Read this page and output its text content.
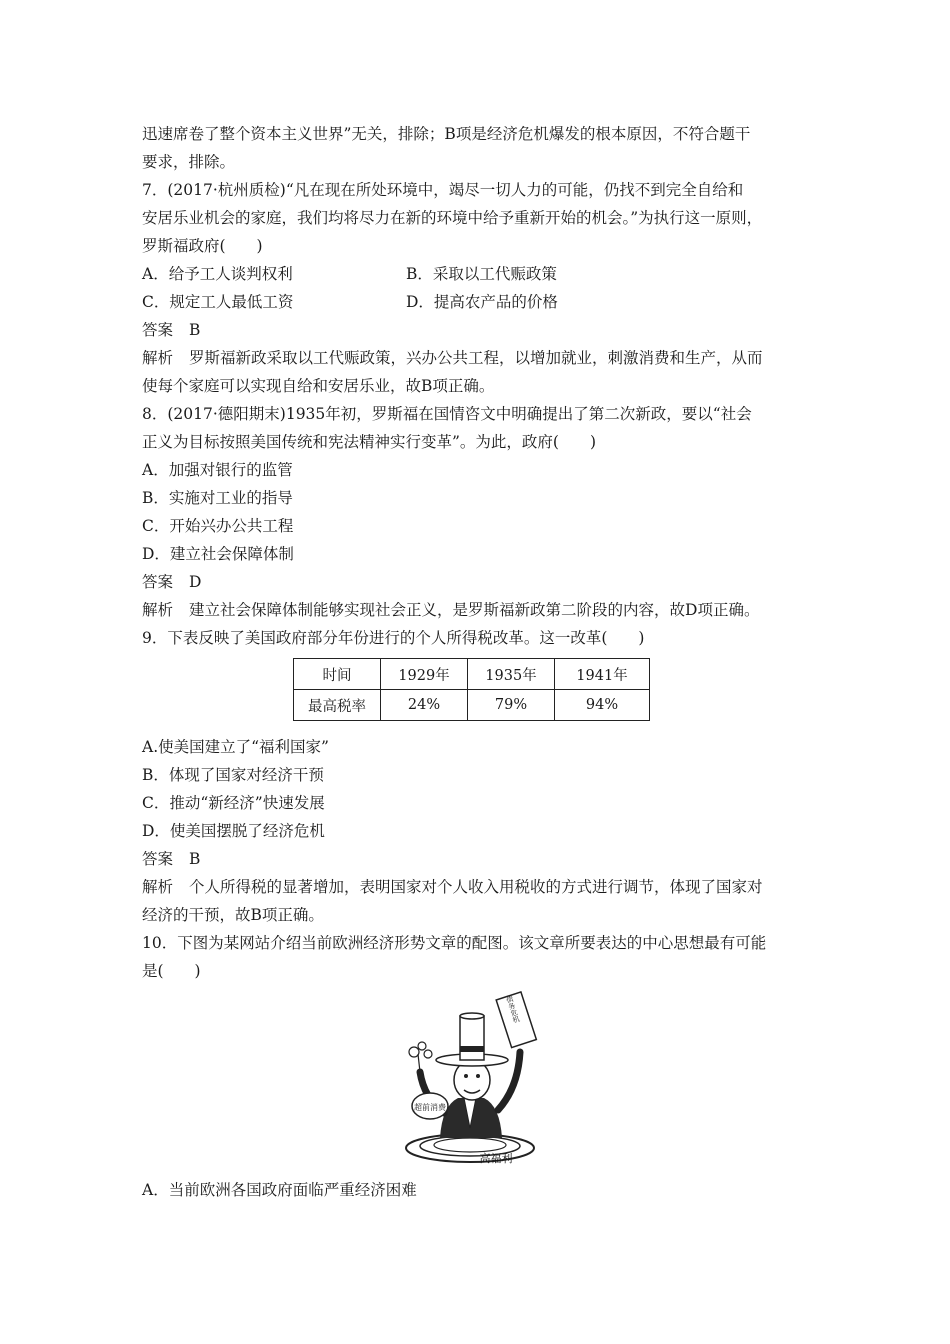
迅速席卷了整个资本主义世界”无关，排除；B项是经济危机爆发的根本原因，不符合题干
要求，排除。
7．(2017·杭州质检)“凡在现在所处环境中，竭尽一切人力的可能，仍找不到完全自给和
安居乐业机会的家庭，我们均将尽力在新的环境中给予重新开始的机会。”为执行这一原则，
罗斯福政府(　　)
A．给予工人谈判权利	B．采取以工代赈政策
C．规定工人最低工资	D．提高农产品的价格
答案 B
解析 罗斯福新政采取以工代赈政策，兴办公共工程，以增加就业，刺激消费和生产，从而
使每个家庭可以实现自给和安居乐业，故B项正确。
8．(2017·德阳期末)1935年初，罗斯福在国情咨文中明确提出了第二次新政，要以“社会
正义为目标按照美国传统和宪法精神实行变革”。为此，政府(　　)
A．加强对银行的监管
B．实施对工业的指导
C．开始兴办公共工程
D．建立社会保障体制
答案 D
解析 建立社会保障体制能够实现社会正义，是罗斯福新政第二阶段的内容，故D项正确。
9．下表反映了美国政府部分年份进行的个人所得税改革。这一改革(　　)
时间	1929年	1935年	1941年
最高税率	24%	79%	94%
A.使美国建立了“福利国家”
B．体现了国家对经济干预
C．推动“新经济”快速发展
D．使美国摆脱了经济危机
答案 B
解析 个人所得税的显著增加，表明国家对个人收入用税收的方式进行调节，体现了国家对
经济的干预，故B项正确。
10．下图为某网站介绍当前欧洲经济形势文章的配图。该文章所要表达的中心思想最有可能
是(　　)
超前消费
债务危机
高福利
A．当前欧洲各国政府面临严重经济困难
